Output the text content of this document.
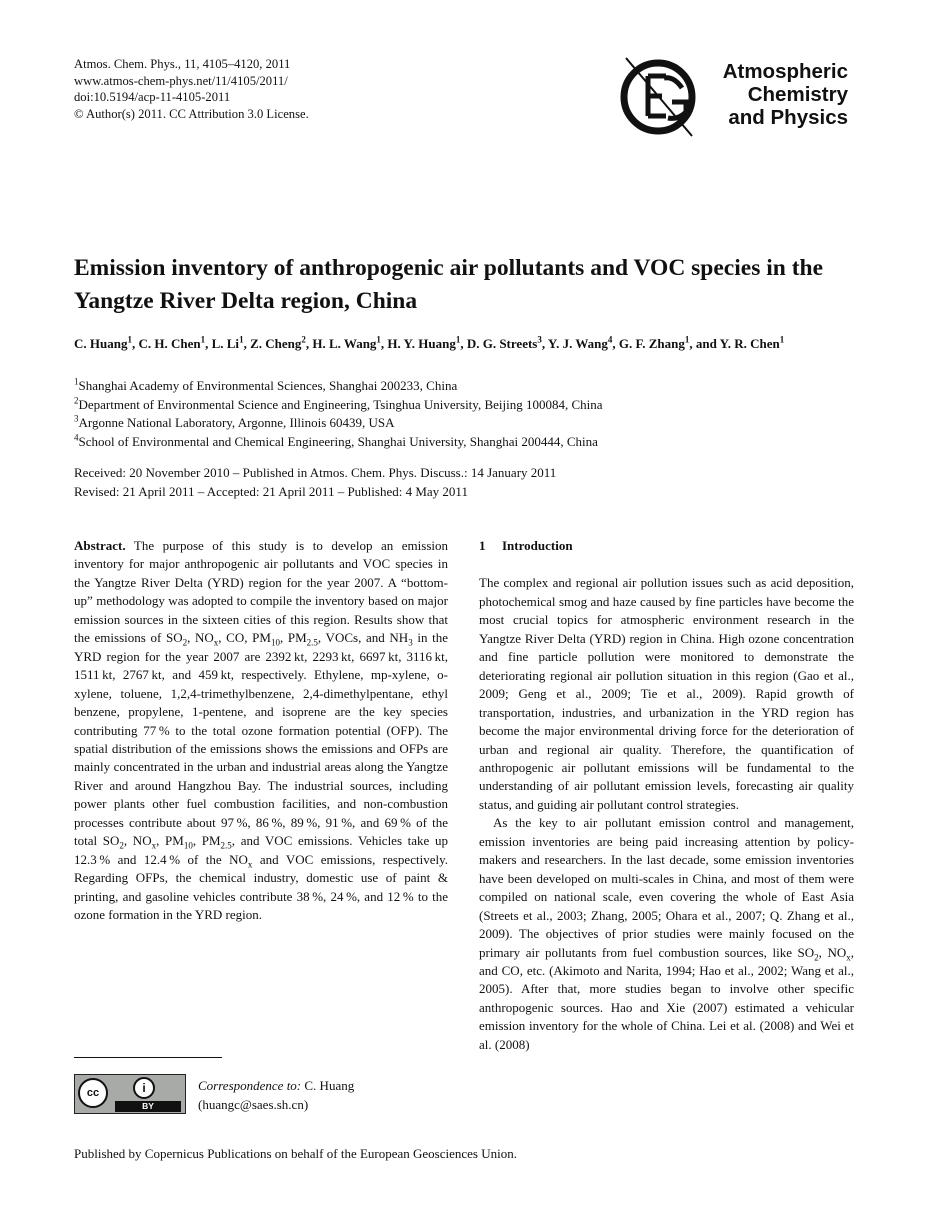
Atmos. Chem. Phys., 11, 4105–4120, 2011
www.atmos-chem-phys.net/11/4105/2011/
doi:10.5194/acp-11-4105-2011
© Author(s) 2011. CC Attribution 3.0 License.
Atmospheric
Chemistry
and Physics
Emission inventory of anthropogenic air pollutants and VOC species in the Yangtze River Delta region, China
C. Huang$^1$, C. H. Chen$^1$, L. Li$^1$, Z. Cheng$^2$, H. L. Wang$^1$, H. Y. Huang$^1$, D. G. Streets$^3$, Y. J. Wang$^4$, G. F. Zhang$^1$, and Y. R. Chen$^1$
$^1$Shanghai Academy of Environmental Sciences, Shanghai 200233, China
$^2$Department of Environmental Science and Engineering, Tsinghua University, Beijing 100084, China
$^3$Argonne National Laboratory, Argonne, Illinois 60439, USA
$^4$School of Environmental and Chemical Engineering, Shanghai University, Shanghai 200444, China
Received: 20 November 2010 – Published in Atmos. Chem. Phys. Discuss.: 14 January 2011
Revised: 21 April 2011 – Accepted: 21 April 2011 – Published: 4 May 2011
Abstract. The purpose of this study is to develop an emission inventory for major anthropogenic air pollutants and VOC species in the Yangtze River Delta (YRD) region for the year 2007. A “bottom-up” methodology was adopted to compile the inventory based on major emission sources in the sixteen cities of this region. Results show that the emissions of $SO_2$, $NO_x$, CO, $PM_{10}$, $PM_{2.5}$, VOCs, and $NH_3$ in the YRD region for the year 2007 are 2392 kt, 2293 kt, 6697 kt, 3116 kt, 1511 kt, 2767 kt, and 459 kt, respectively. Ethylene, mp-xylene, o-xylene, toluene, 1,2,4-trimethylbenzene, 2,4-dimethylpentane, ethyl benzene, propylene, 1-pentene, and isoprene are the key species contributing 77 % to the total ozone formation potential (OFP). The spatial distribution of the emissions shows the emissions and OFPs are mainly concentrated in the urban and industrial areas along the Yangtze River and around Hangzhou Bay. The industrial sources, including power plants other fuel combustion facilities, and non-combustion processes contribute about 97 %, 86 %, 89 %, 91 %, and 69 % of the total $SO_2$, $NO_x$, $PM_{10}$, $PM_{2.5}$, and VOC emissions. Vehicles take up 12.3 % and 12.4 % of the $NO_x$ and VOC emissions, respectively. Regarding OFPs, the chemical industry, domestic use of paint & printing, and gasoline vehicles contribute 38 %, 24 %, and 12 % to the ozone formation in the YRD region.
cc	i
BY
Correspondence to: C. Huang
(huangc@saes.sh.cn)
1 Introduction
The complex and regional air pollution issues such as acid deposition, photochemical smog and haze caused by fine particles have become the most crucial topics for atmospheric environment research in the Yangtze River Delta (YRD) region in China. High ozone concentration and fine particle pollution were monitored to demonstrate the deteriorating regional air pollution situation in this region (Gao et al., 2009; Geng et al., 2009; Tie et al., 2009). Rapid growth of transportation, industries, and urbanization in the YRD region has become the major environmental driving force for the deterioration of urban and regional air quality. Therefore, the quantification of anthropogenic air pollutant emissions will be fundamental to the understanding of air pollutant emission levels, forecasting air quality status, and guiding air pollutant control strategies.
As the key to air pollutant emission control and management, emission inventories are being paid increasing attention by policy-makers and researchers. In the last decade, some emission inventories have been developed on multi-scales in China, and most of them were compiled on national scale, even covering the whole of East Asia (Streets et al., 2003; Zhang, 2005; Ohara et al., 2007; Q. Zhang et al., 2009). The objectives of prior studies were mainly focused on the primary air pollutants from fuel combustion sources, like $SO_2$, $NO_x$, and CO, etc. (Akimoto and Narita, 1994; Hao et al., 2002; Wang et al., 2005). After that, more studies began to involve other specific anthropogenic sources. Hao and Xie (2007) estimated a vehicular emission inventory for the whole of China. Lei et al. (2008) and Wei et al. (2008)
Published by Copernicus Publications on behalf of the European Geosciences Union.
